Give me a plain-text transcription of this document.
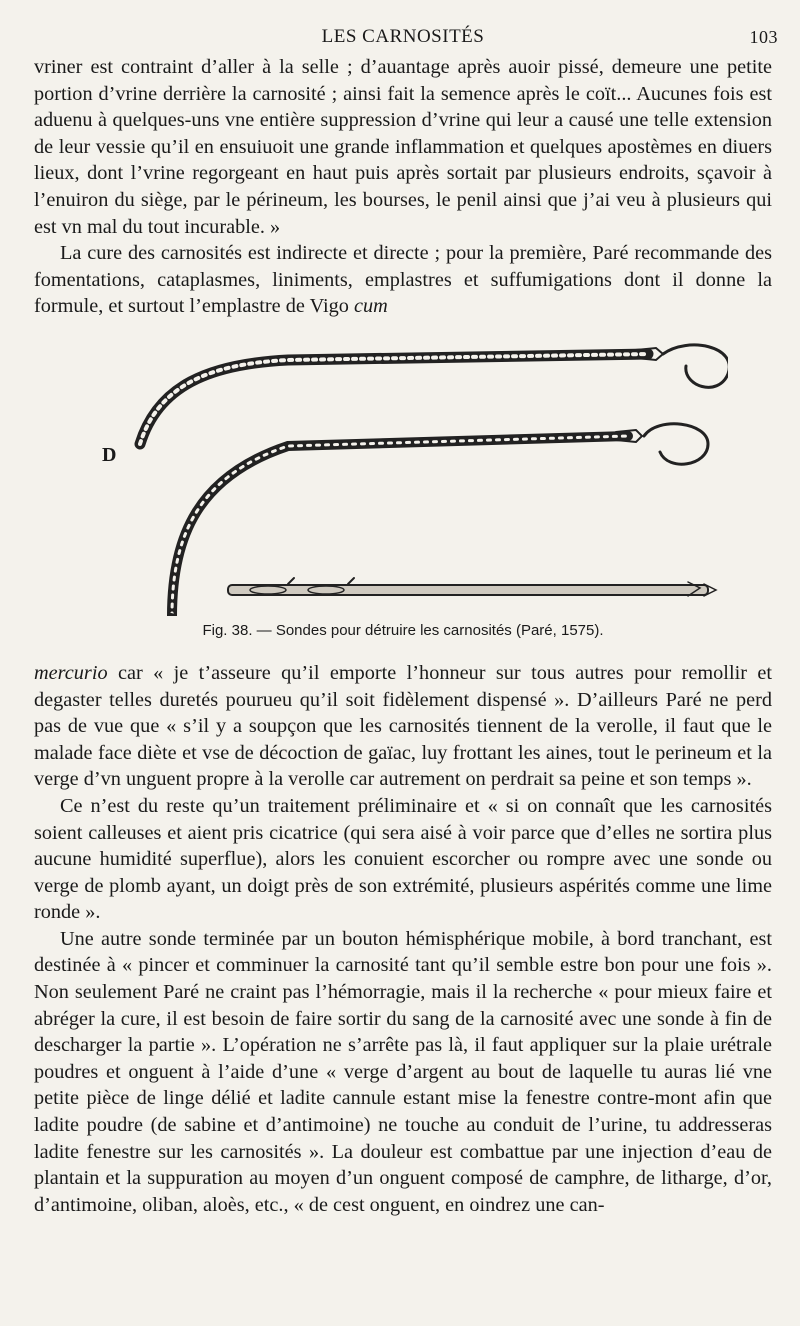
LES CARNOSITÉS	103

vriner est contraint d’aller à la selle ; d’auantage après auoir pissé, demeure une petite portion d’vrine derrière la carnosité ; ainsi fait la semence après le coït... Aucunes fois est aduenu à quelques-uns vne entière suppression d’vrine qui leur a causé une telle extension de leur vessie qu’il en ensuiuoit une grande inflammation et quelques apostèmes en diuers lieux, dont l’vrine regorgeant en haut puis après sortait par plusieurs endroits, sçavoir à l’enuiron du siège, par le périneum, les bourses, le penil ainsi que j’ai veu à plusieurs qui est vn mal du tout incurable. »

La cure des carnosités est indirecte et directe ; pour la première, Paré recommande des fomentations, cataplasmes, liniments, emplastres et suffumigations dont il donne la formule, et surtout l’emplastre de Vigo cum

D
Fig. 38. — Sondes pour détruire les carnosités (Paré, 1575).

mercurio car « je t’asseure qu’il emporte l’honneur sur tous autres pour remollir et degaster telles duretés pourueu qu’il soit fidèlement dispensé ». D’ailleurs Paré ne perd pas de vue que « s’il y a soupçon que les carnosités tiennent de la verolle, il faut que le malade face diète et vse de décoction de gaïac, luy frottant les aines, tout le perineum et la verge d’vn unguent propre à la verolle car autrement on perdrait sa peine et son temps ».

Ce n’est du reste qu’un traitement préliminaire et « si on connaît que les carnosités soient calleuses et aient pris cicatrice (qui sera aisé à voir parce que d’elles ne sortira plus aucune humidité superflue), alors les conuient escorcher ou rompre avec une sonde ou verge de plomb ayant, un doigt près de son extrémité, plusieurs aspérités comme une lime ronde ».

Une autre sonde terminée par un bouton hémisphérique mobile, à bord tranchant, est destinée à « pincer et comminuer la carnosité tant qu’il semble estre bon pour une fois ». Non seulement Paré ne craint pas l’hémorragie, mais il la recherche « pour mieux faire et abréger la cure, il est besoin de faire sortir du sang de la carnosité avec une sonde à fin de descharger la partie ». L’opération ne s’arrête pas là, il faut appliquer sur la plaie urétrale poudres et onguent à l’aide d’une « verge d’argent au bout de laquelle tu auras lié vne petite pièce de linge délié et ladite cannule estant mise la fenestre contre-mont afin que ladite poudre (de sabine et d’antimoine) ne touche au conduit de l’urine, tu addresseras ladite fenestre sur les carnosités ». La douleur est combattue par une injection d’eau de plantain et la suppuration au moyen d’un onguent composé de camphre, de litharge, d’or, d’antimoine, oliban, aloès, etc., « de cest onguent, en oindrez une can-
